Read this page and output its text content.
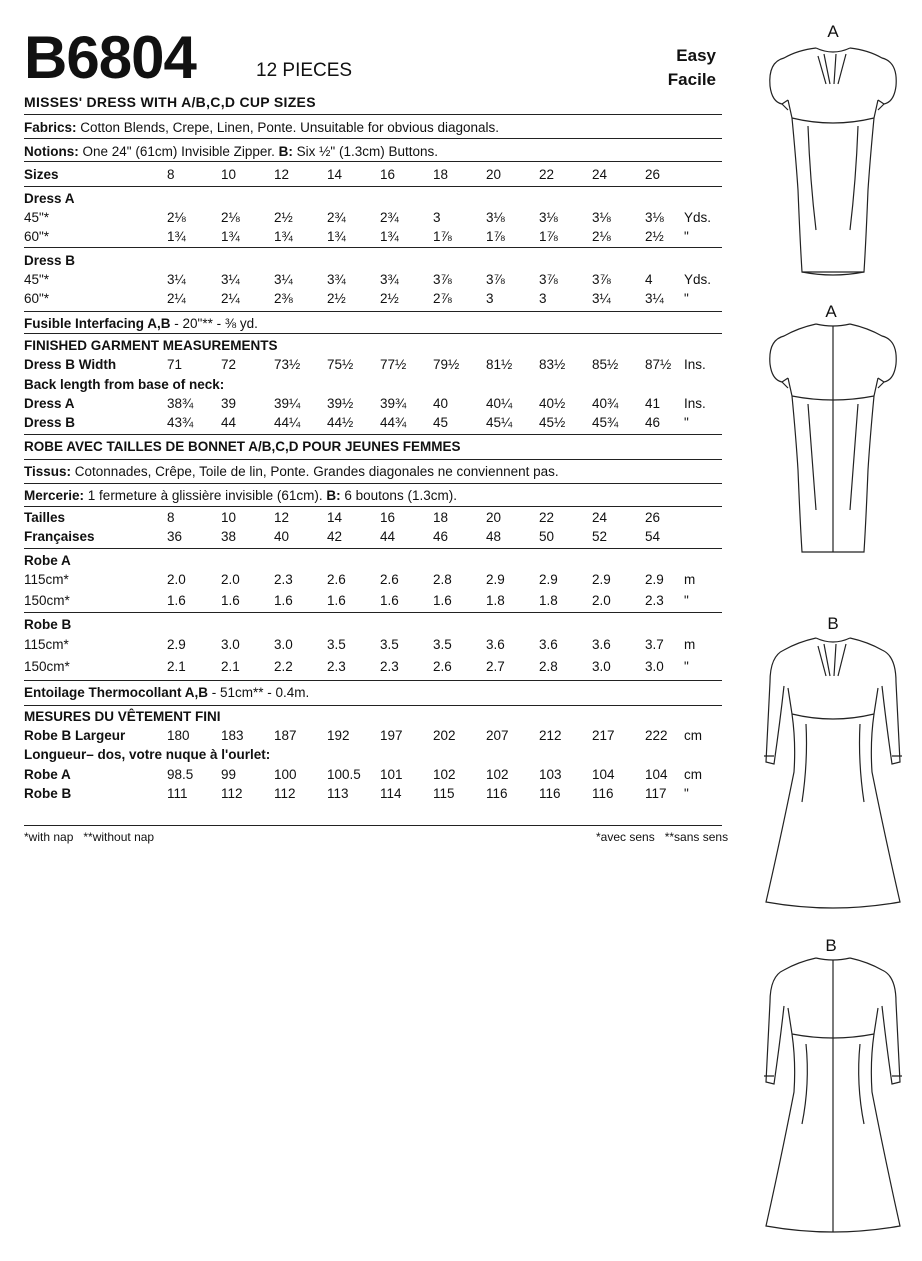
B6804	12 PIECES
Easy
Facile
MISSES' DRESS WITH A/B,C,D CUP SIZES
Fabrics: Cotton Blends, Crepe, Linen, Ponte. Unsuitable for obvious diagonals.
Notions: One 24" (61cm) Invisible Zipper. B: Six ½" (1.3cm) Buttons.
Sizes	8	10	12	14	16	18	20	22	24	26
Dress A
45"*	2⅛	2⅛	2½	2¾	2¾	3	3⅛	3⅛	3⅛	3⅛ Yds.
60"*	1¾	1¾	1¾	1¾	1¾	1⅞	1⅞	1⅞	2⅛	2½ "
Dress B
45"*	3¼	3¼	3¼	3¾	3¾	3⅞	3⅞	3⅞	3⅞	4 Yds.
60"*	2¼	2¼	2⅜	2½	2½	2⅞	3	3	3¼	3¼ "
Fusible Interfacing A,B - 20"** - ⅜ yd.
FINISHED GARMENT MEASUREMENTS
Dress B Width	71	72	73½ 75½ 77½ 79½ 81½ 83½ 85½ 87½ Ins.
Back length from base of neck:
Dress A	38¾ 39	39¼ 39½ 39¾ 40	40¼ 40½ 40¾ 41 Ins.
Dress B	43¾ 44	44¼ 44½ 44¾ 45	45¼ 45½ 45¾ 46 "
ROBE AVEC TAILLES DE BONNET A/B,C,D POUR JEUNES FEMMES
Tissus: Cotonnades, Crêpe, Toile de lin, Ponte. Grandes diagonales ne conviennent pas.
Mercerie: 1 fermeture à glissière invisible (61cm). B: 6 boutons (1.3cm).
Tailles	8	10	12	14	16	18	20	22	24	26
Françaises	36	38	40	42	44	46	48	50	52	54
Robe A
115cm*	2.0	2.0	2.3	2.6	2.6	2.8	2.9	2.9	2.9	2.9 m
150cm*	1.6	1.6	1.6	1.6	1.6	1.6	1.8	1.8	2.0	2.3 "
Robe B
115cm*	2.9	3.0	3.0	3.5	3.5	3.5	3.6	3.6	3.6	3.7 m
150cm*	2.1	2.1	2.2	2.3	2.3	2.6	2.7	2.8	3.0	3.0 "
Entoilage Thermocollant A,B - 51cm** - 0.4m.
MESURES DU VÊTEMENT FINI
Robe B Largeur	180 183 187 192 197 202 207 212 217 222 cm
Longueur– dos, votre nuque à l'ourlet:
Robe A	98.5 99	100 100.5 101 102 102 103 104 104 cm
Robe B	111 112 112 113 114 115 116 116 116 117 "
*with nap   **without nap	*avec sens   **sans sens
A
A
B
B
